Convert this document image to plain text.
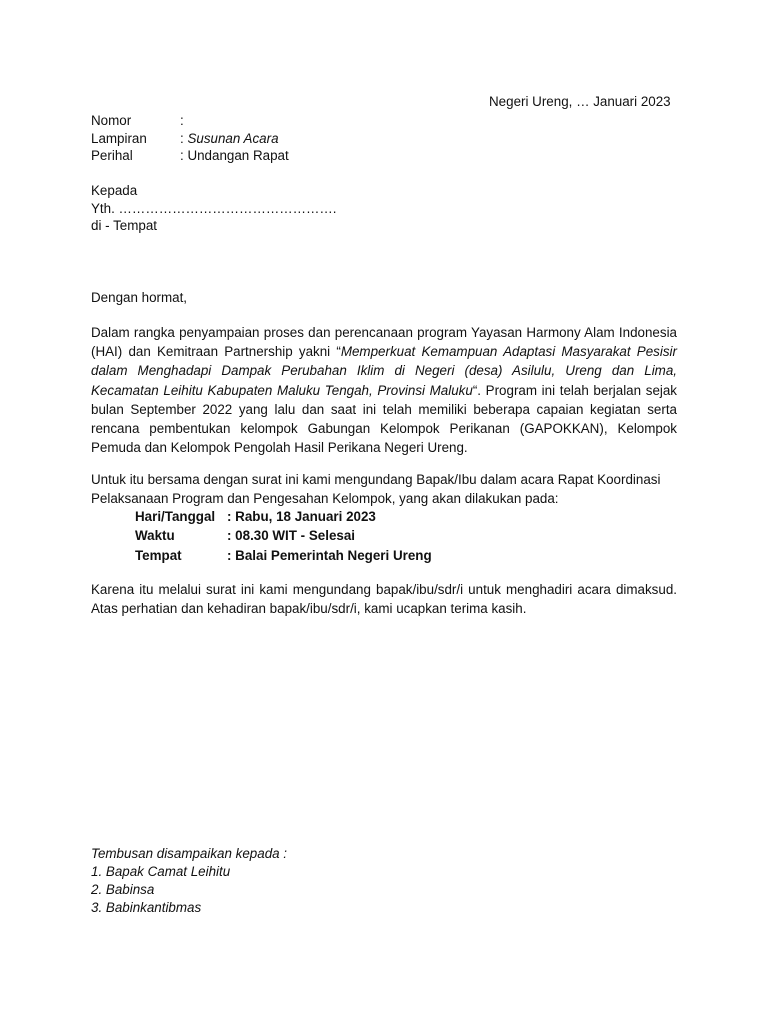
Negeri Ureng, … Januari 2023
Nomor	:
Lampiran	: Susunan Acara
Perihal	: Undangan Rapat
Kepada
Yth. ………………………………………….
di - Tempat
Dengan hormat,
Dalam rangka penyampaian proses dan perencanaan program Yayasan Harmony Alam Indonesia (HAI) dan Kemitraan Partnership yakni “Memperkuat Kemampuan Adaptasi Masyarakat Pesisir dalam Menghadapi Dampak Perubahan Iklim di Negeri (desa) Asilulu, Ureng dan Lima, Kecamatan Leihitu Kabupaten Maluku Tengah, Provinsi Maluku“. Program ini telah berjalan sejak bulan September 2022 yang lalu dan saat ini telah memiliki beberapa capaian kegiatan serta rencana pembentukan kelompok Gabungan Kelompok Perikanan (GAPOKKAN), Kelompok Pemuda dan Kelompok Pengolah Hasil Perikana Negeri Ureng.
Untuk itu bersama dengan surat ini kami mengundang Bapak/Ibu dalam acara Rapat Koordinasi Pelaksanaan Program dan Pengesahan Kelompok, yang akan dilakukan pada:
Hari/Tanggal : Rabu, 18 Januari 2023
Waktu	: 08.30 WIT - Selesai
Tempat	: Balai Pemerintah Negeri Ureng
Karena itu melalui surat ini kami mengundang bapak/ibu/sdr/i untuk menghadiri acara dimaksud. Atas perhatian dan kehadiran bapak/ibu/sdr/i, kami ucapkan terima kasih.
Tembusan disampaikan kepada :
1. Bapak Camat Leihitu
2. Babinsa
3. Babinkantibmas
